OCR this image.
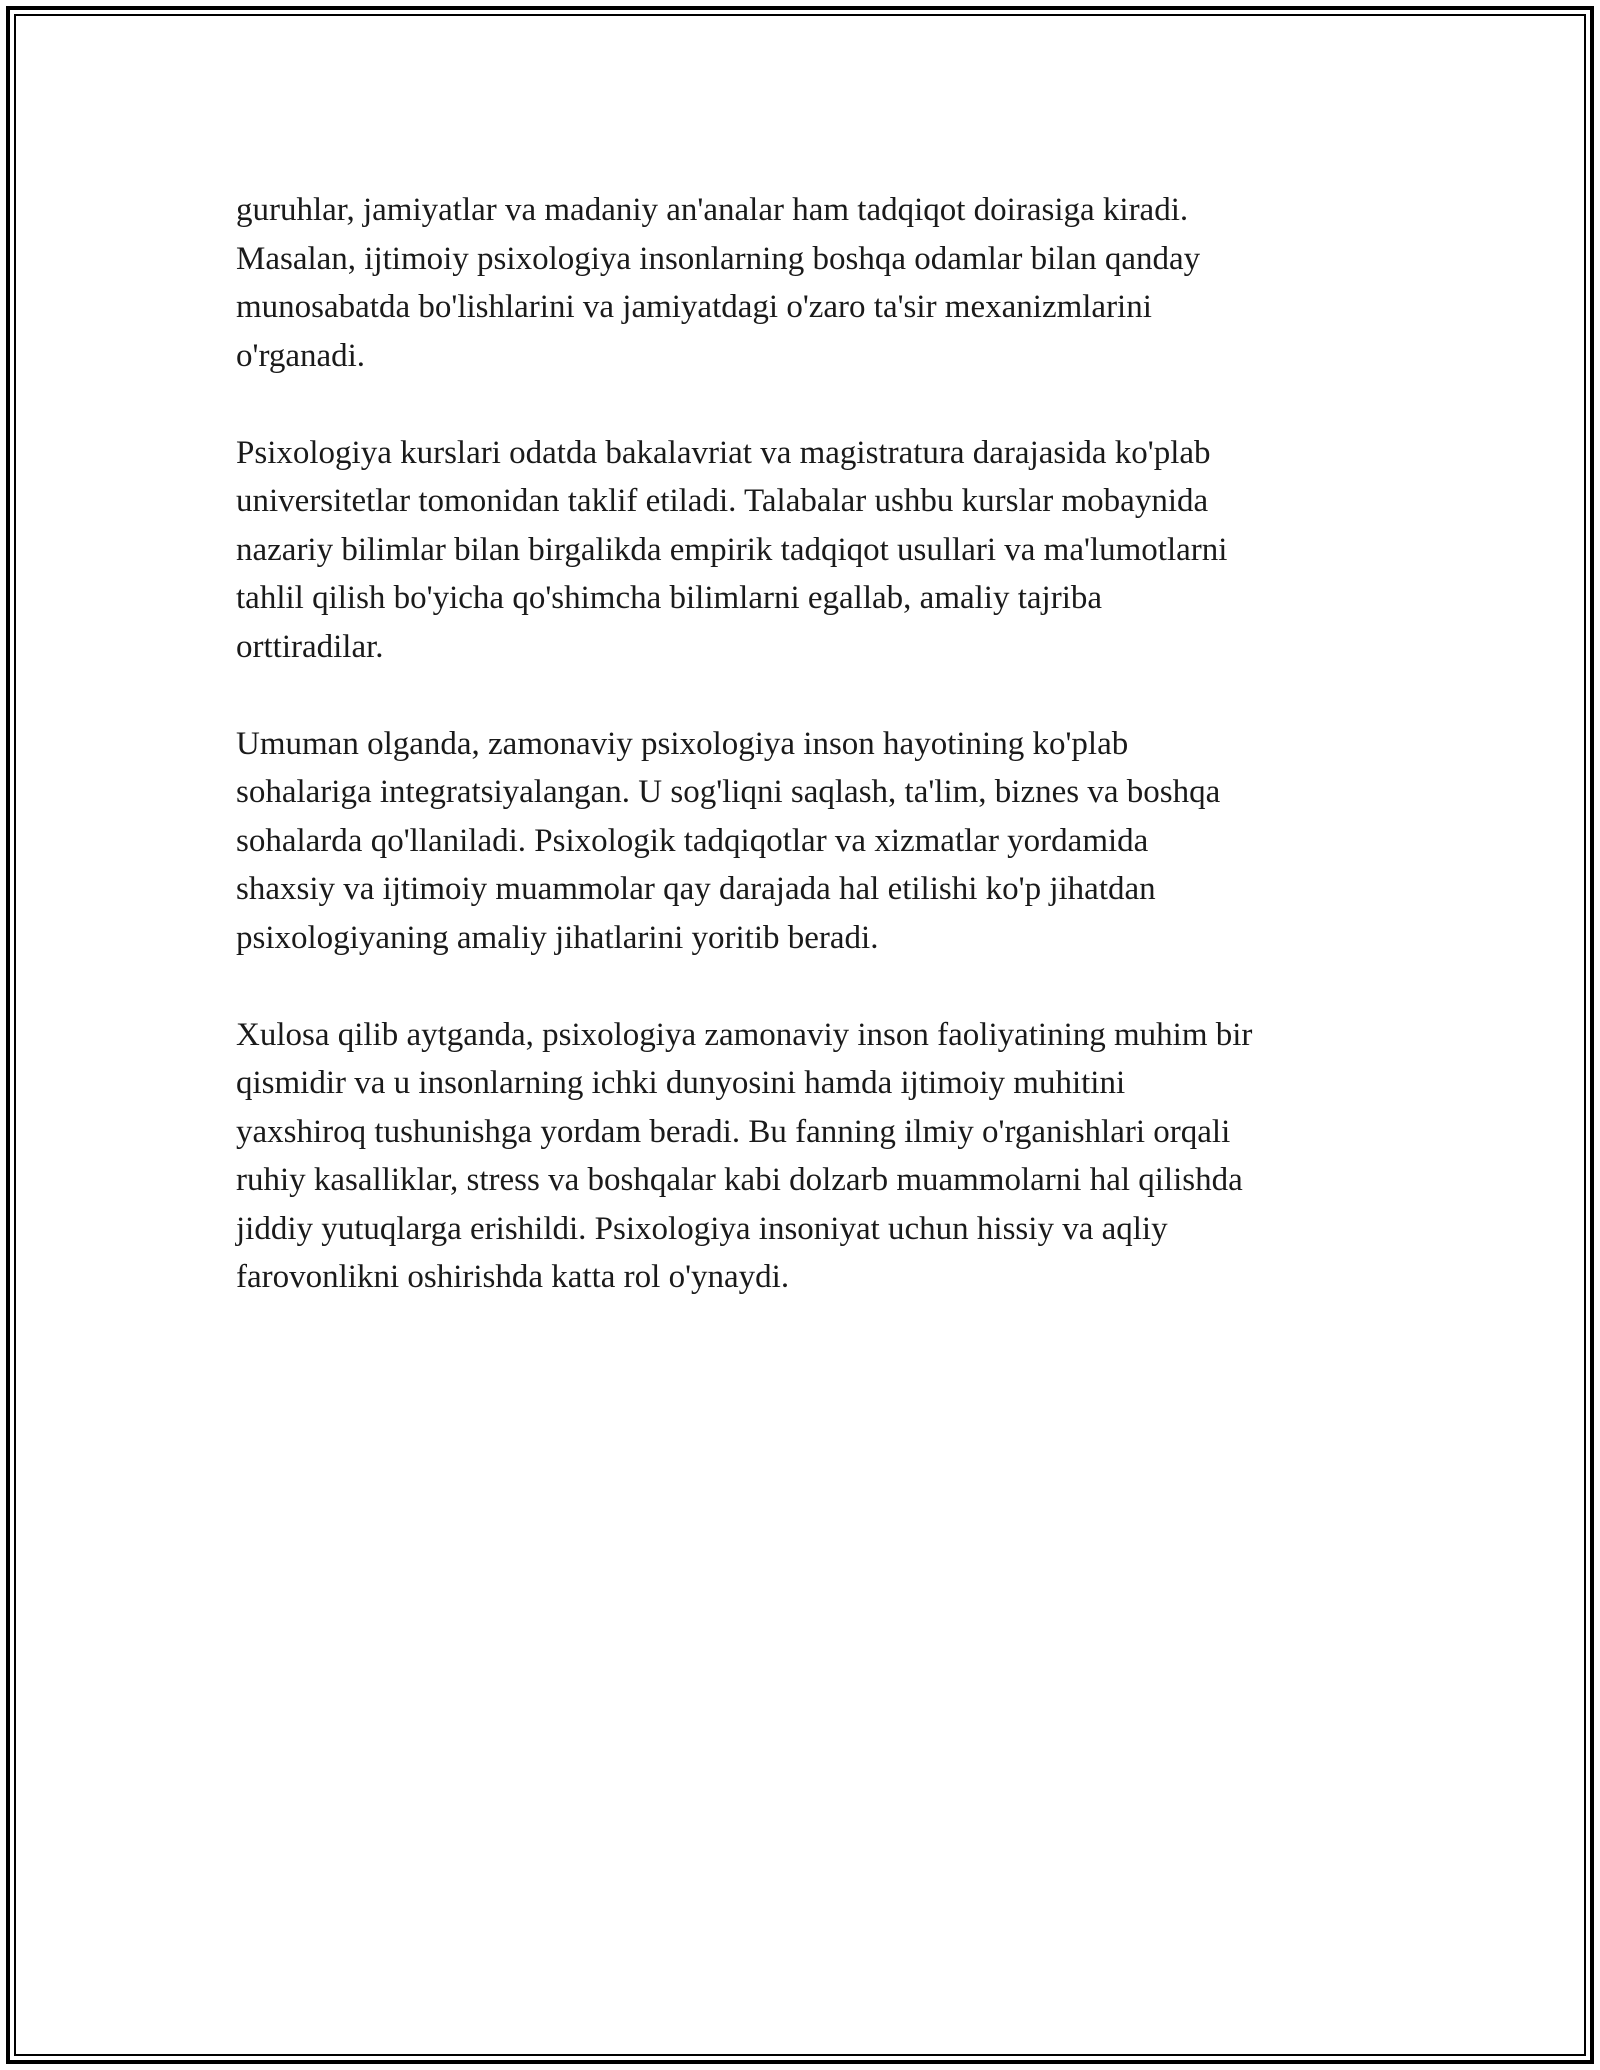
guruhlar, jamiyatlar va madaniy an'analar ham tadqiqot doirasiga kiradi.
Masalan, ijtimoiy psixologiya insonlarning boshqa odamlar bilan qanday
munosabatda bo'lishlarini va jamiyatdagi o'zaro ta'sir mexanizmlarini
o'rganadi.

Psixologiya kurslari odatda bakalavriat va magistratura darajasida ko'plab
universitetlar tomonidan taklif etiladi. Talabalar ushbu kurslar mobaynida
nazariy bilimlar bilan birgalikda empirik tadqiqot usullari va ma'lumotlarni
tahlil qilish bo'yicha qo'shimcha bilimlarni egallab, amaliy tajriba
orttiradilar.

Umuman olganda, zamonaviy psixologiya inson hayotining ko'plab
sohalariga integratsiyalangan. U sog'liqni saqlash, ta'lim, biznes va boshqa
sohalarda qo'llaniladi. Psixologik tadqiqotlar va xizmatlar yordamida
shaxsiy va ijtimoiy muammolar qay darajada hal etilishi ko'p jihatdan
psixologiyaning amaliy jihatlarini yoritib beradi.

Xulosa qilib aytganda, psixologiya zamonaviy inson faoliyatining muhim bir
qismidir va u insonlarning ichki dunyosini hamda ijtimoiy muhitini
yaxshiroq tushunishga yordam beradi. Bu fanning ilmiy o'rganishlari orqali
ruhiy kasalliklar, stress va boshqalar kabi dolzarb muammolarni hal qilishda
jiddiy yutuqlarga erishildi. Psixologiya insoniyat uchun hissiy va aqliy
farovonlikni oshirishda katta rol o'ynaydi.
